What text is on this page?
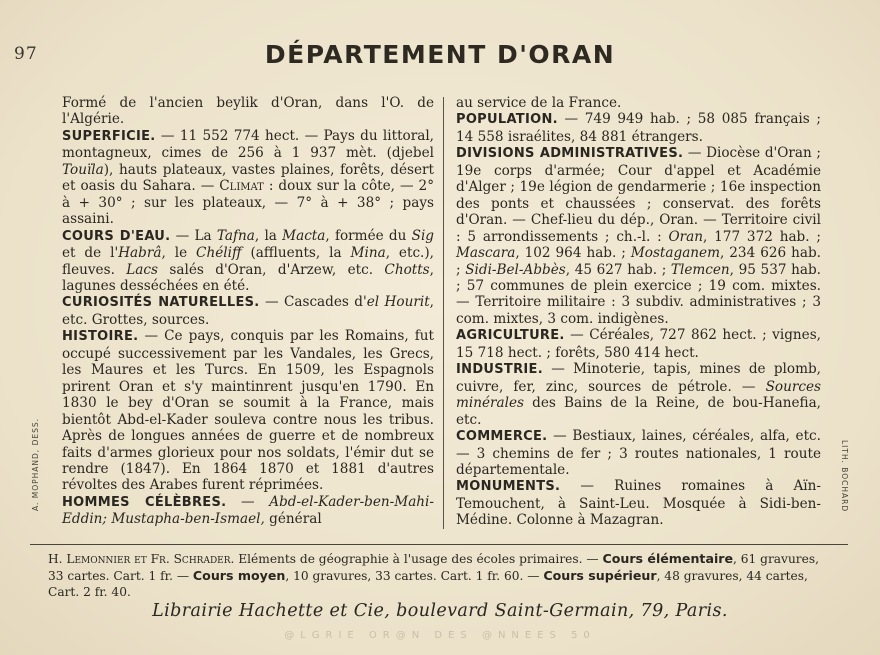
97	DÉPARTEMENT D'ORAN

Formé de l'ancien beylik d'Oran, dans l'O. de l'Algérie.

SUPERFICIE. — 11 552 774 hect. — Pays du littoral, montagneux, cimes de 256 à 1 937 mèt. (djebel Touïla), hauts plateaux, vastes plaines, forêts, désert et oasis du Sahara. — Climat : doux sur la côte, — 2° à + 30° ; sur les plateaux, — 7° à + 38° ; pays assaini.

COURS D'EAU. — La Tafna, la Macta, formée du Sig et de l'Habrâ, le Chéliff (affluents, la Mina, etc.), fleuves. Lacs salés d'Oran, d'Arzew, etc. Chotts, lagunes desséchées en été.

CURIOSITÉS NATURELLES. — Cascades d'el Hourit, etc. Grottes, sources.

HISTOIRE. — Ce pays, conquis par les Romains, fut occupé successivement par les Vandales, les Grecs, les Maures et les Turcs. En 1509, les Espagnols prirent Oran et s'y maintinrent jusqu'en 1790. En 1830 le bey d'Oran se soumit à la France, mais bientôt Abd-el-Kader souleva contre nous les tribus. Après de longues années de guerre et de nombreux faits d'armes glorieux pour nos soldats, l'émir dut se rendre (1847). En 1864 1870 et 1881 d'autres révoltes des Arabes furent réprimées.

HOMMES CÉLÈBRES. — Abd-el-Kader-ben-Mahi-Eddin; Mustapha-ben-Ismael, général

au service de la France.

POPULATION. — 749 949 hab. ; 58 085 français ; 14 558 israélites, 84 881 étrangers.

DIVISIONS ADMINISTRATIVES. — Diocèse d'Oran ; 19e corps d'armée; Cour d'appel et Académie d'Alger ; 19e légion de gendarmerie ; 16e inspection des ponts et chaussées ; conservat. des forêts d'Oran. — Chef-lieu du dép., Oran. — Territoire civil : 5 arrondissements ; ch.-l. : Oran, 177 372 hab. ; Mascara, 102 964 hab. ; Mostaganem, 234 626 hab. ; Sidi-Bel-Abbès, 45 627 hab. ; Tlemcen, 95 537 hab. ; 57 communes de plein exercice ; 19 com. mixtes. — Territoire militaire : 3 subdiv. administratives ; 3 com. mixtes, 3 com. indigènes.

AGRICULTURE. — Céréales, 727 862 hect. ; vignes, 15 718 hect. ; forêts, 580 414 hect.

INDUSTRIE. — Minoterie, tapis, mines de plomb, cuivre, fer, zinc, sources de pétrole. — Sources minérales des Bains de la Reine, de bou-Hanefia, etc.

COMMERCE. — Bestiaux, laines, céréales, alfa, etc. — 3 chemins de fer ; 3 routes nationales, 1 route départementale.

MONUMENTS. — Ruines romaines à Aïn-Temouchent, à Saint-Leu. Mosquée à Sidi-ben-Médine. Colonne à Mazagran.

A. MOPHAND, DESS.	LITH. BOCHARD
H. Lemonnier et Fr. Schrader. Eléments de géographie à l'usage des écoles primaires. — Cours élémentaire, 61 gravures, 33 cartes. Cart. 1 fr. — Cours moyen, 10 gravures, 33 cartes. Cart. 1 fr. 60. — Cours supérieur, 48 gravures, 44 cartes, Cart. 2 fr. 40.
Librairie Hachette et Cie, boulevard Saint-Germain, 79, Paris.
@LGRIE OR@N DES @NNEES 50
